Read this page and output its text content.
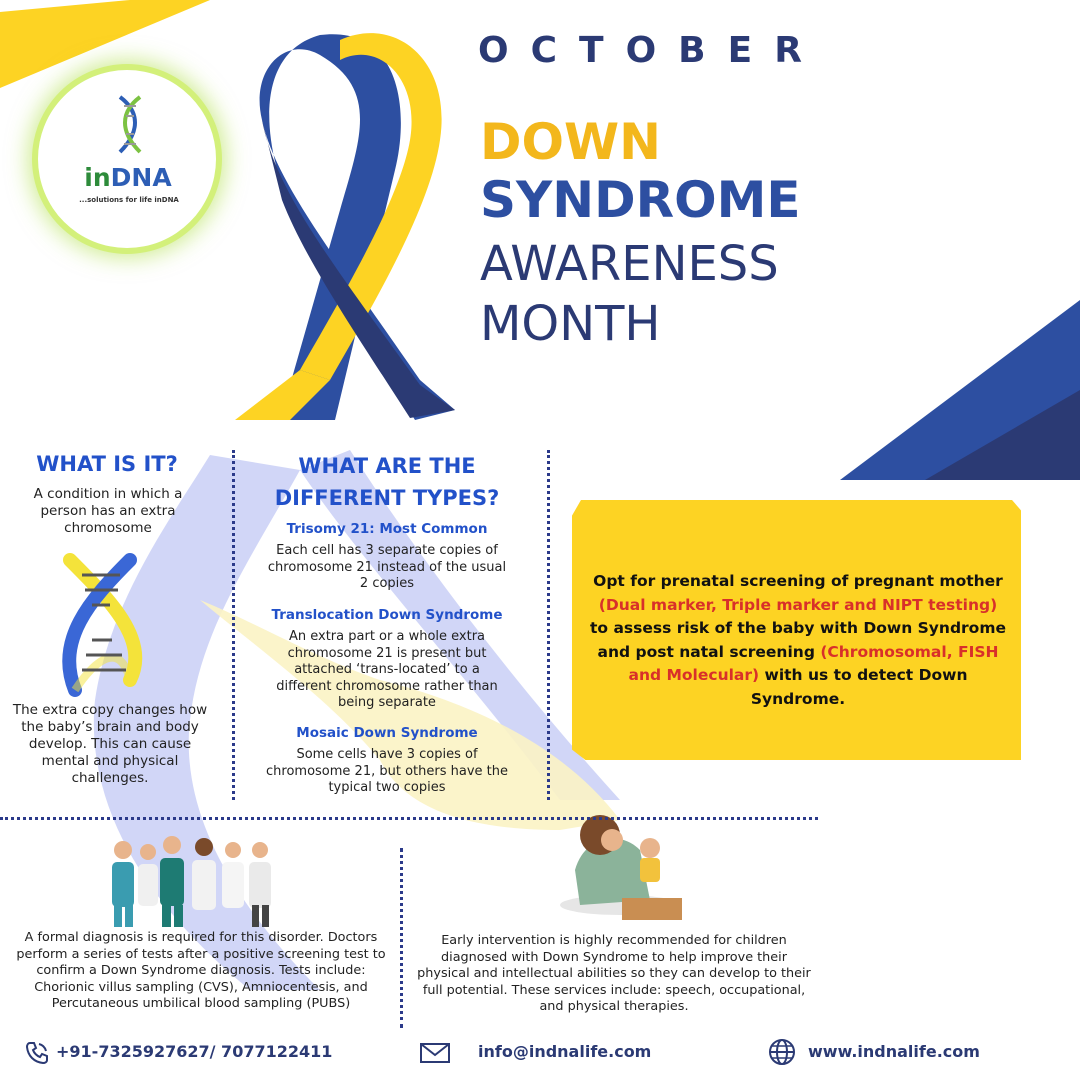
inDNA
...solutions for life inDNA
OCTOBER
DOWN
SYNDROME
AWARENESS
MONTH
WHAT IS IT?
A condition in which a person has an extra chromosome
The extra copy changes how the baby’s brain and body develop. This can cause mental and physical challenges.
WHAT ARE THE DIFFERENT TYPES?
Trisomy 21: Most Common
Each cell has 3 separate copies of chromosome 21 instead of the usual 2 copies
Translocation Down Syndrome
An extra part or a whole extra chromosome 21 is present but attached ‘trans-located’ to a different chromosome rather than being separate
Mosaic Down Syndrome
Some cells have 3 copies of chromosome 21, but others have the typical two copies
Opt for prenatal screening of pregnant mother (Dual marker, Triple marker and NIPT testing) to assess risk of the baby with Down Syndrome and post natal screening (Chromosomal, FISH and Molecular) with us to detect Down Syndrome.
A formal diagnosis is required for this disorder. Doctors perform a series of tests after a positive screening test to confirm a Down Syndrome diagnosis. Tests include: Chorionic villus sampling (CVS), Amniocentesis, and Percutaneous umbilical blood sampling (PUBS)
Early intervention is highly recommended for children diagnosed with Down Syndrome to help improve their physical and intellectual abilities so they can develop to their full potential. These services include: speech, occupational, and physical therapies.
+91-7325927627/ 7077122411	info@indnalife.com	www.indnalife.com
